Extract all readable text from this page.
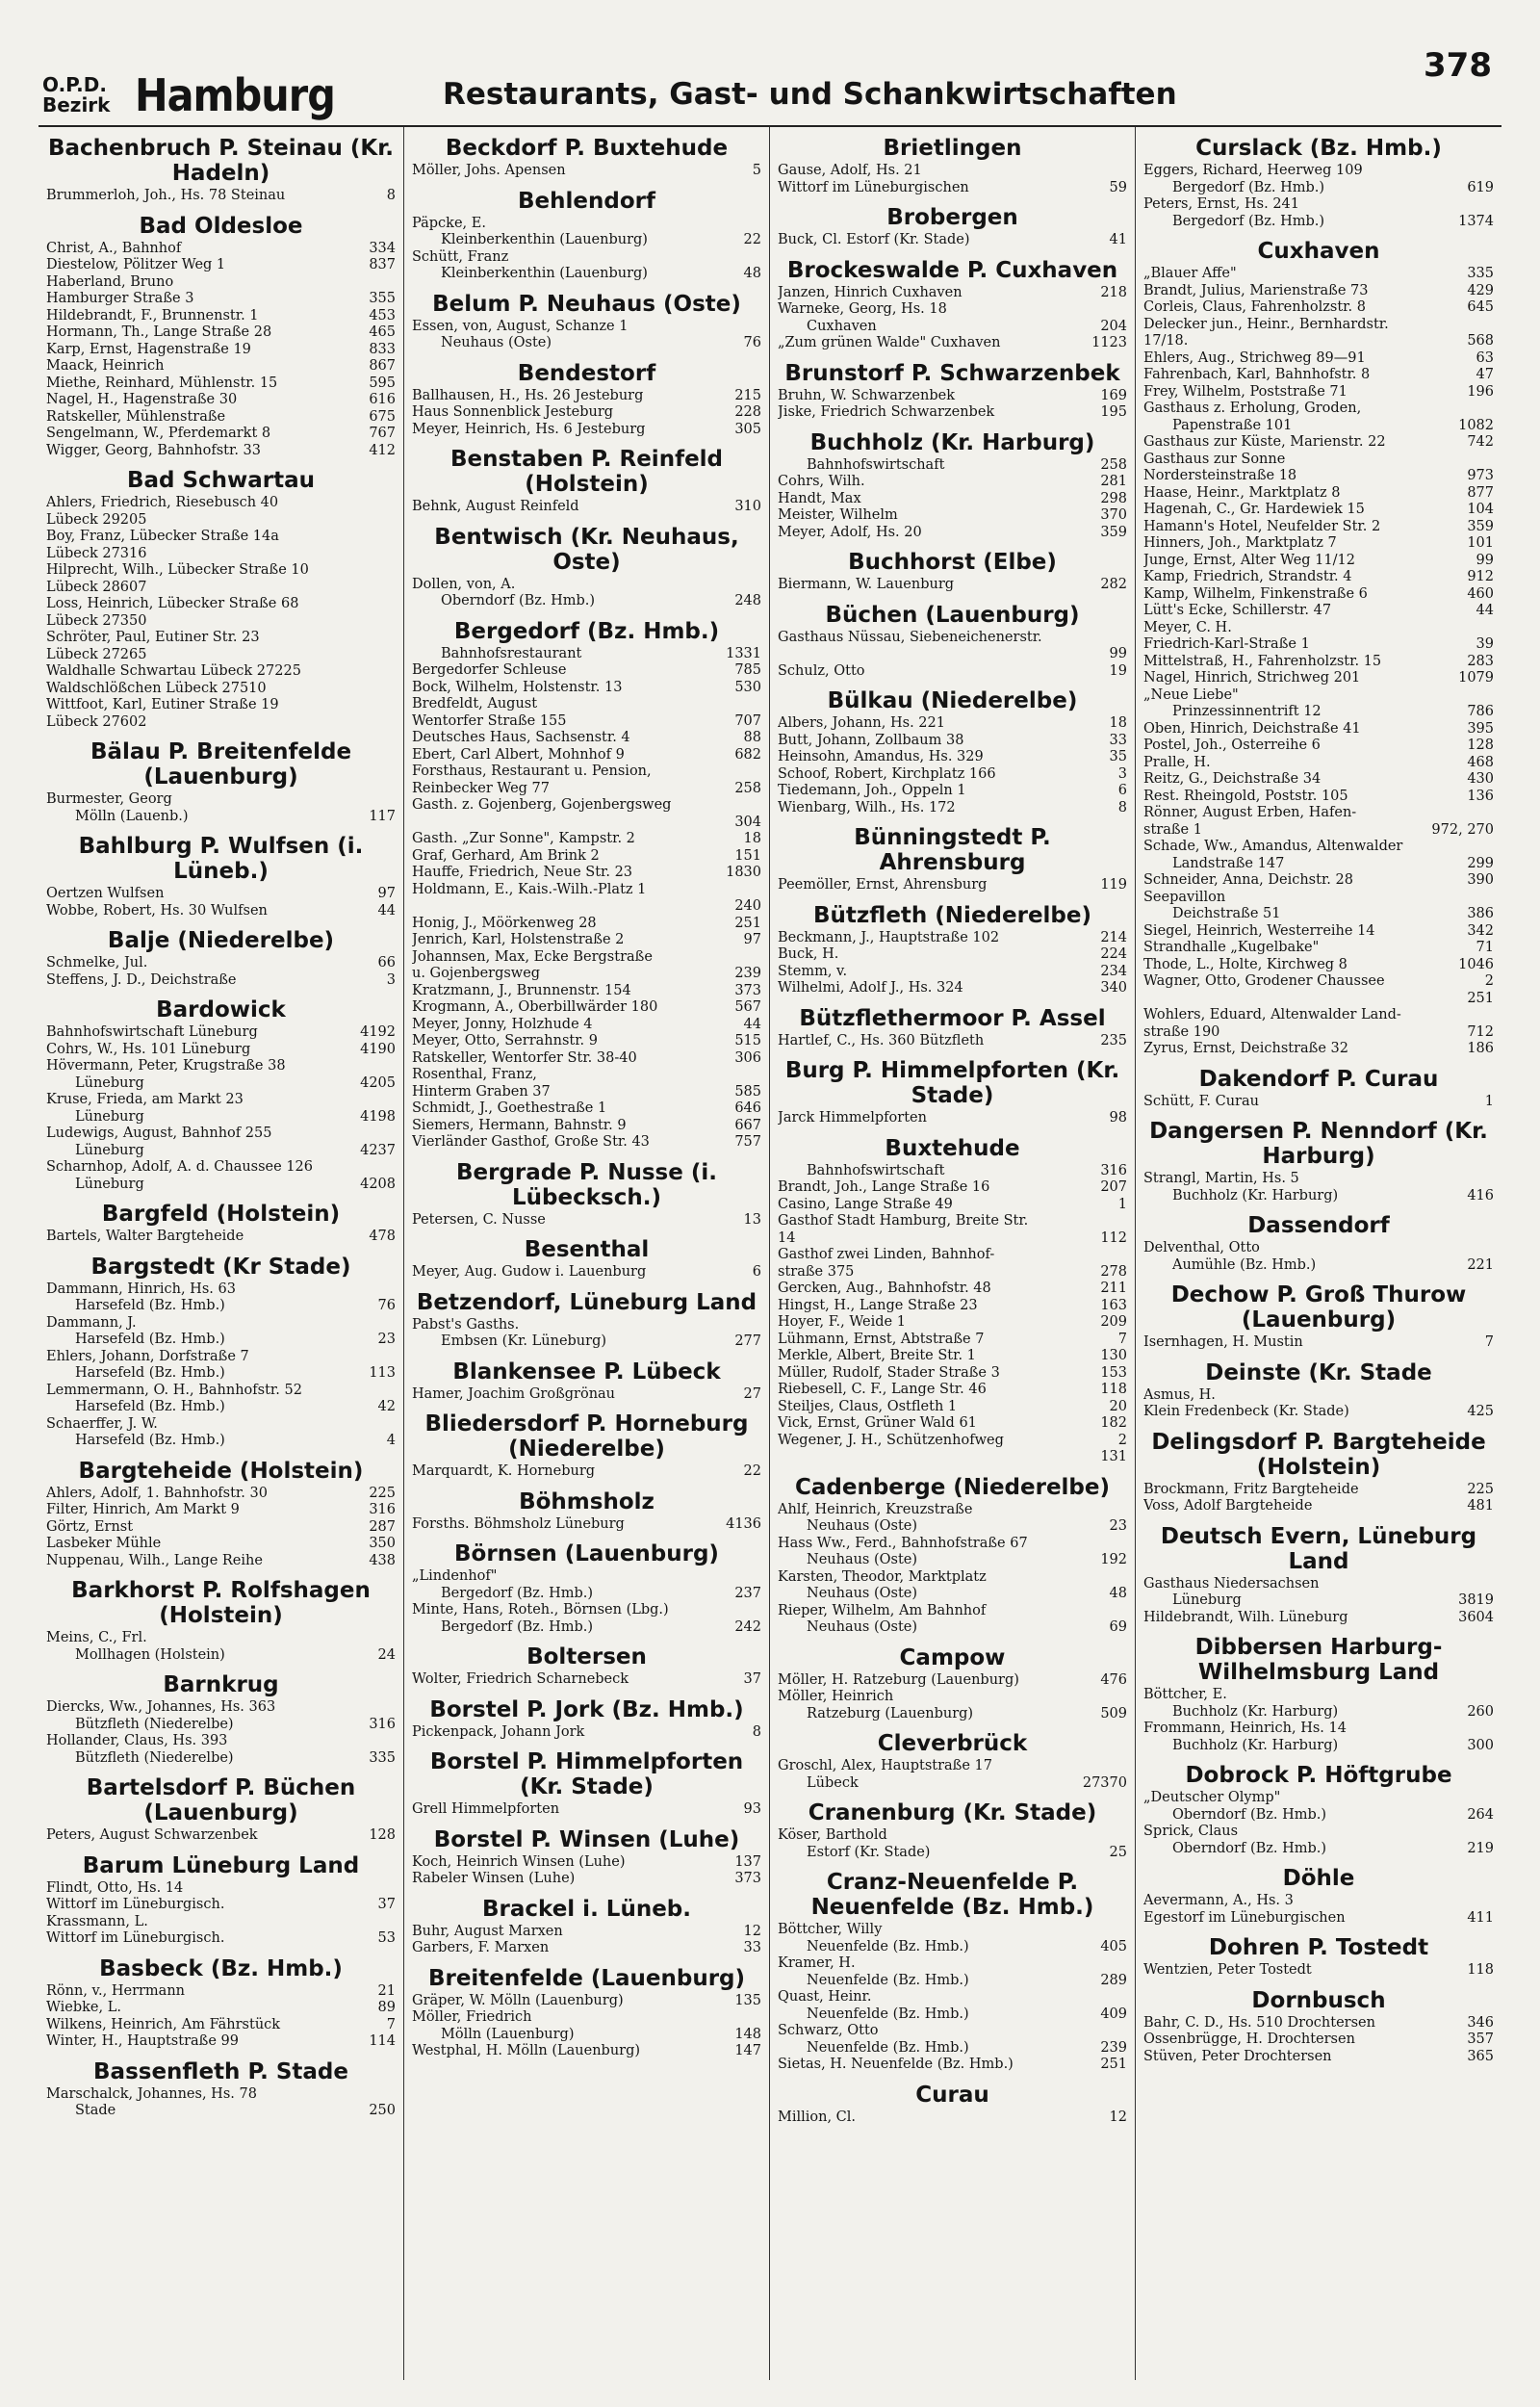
O.P.D.
Bezirk Hamburg	Restaurants, Gast- und Schankwirtschaften
378
Bachenbruch P. Steinau (Kr. Hadeln)
Brummerloh, Joh., Hs. 78 Steinau	8
Bad Oldesloe
Christ, A., Bahnhof	334
Diestelow, Pölitzer Weg 1	837
Haberland, Bruno
Hamburger Straße 3	355
Hildebrandt, F., Brunnenstr. 1	453
Hormann, Th., Lange Straße 28	465
Karp, Ernst, Hagenstraße 19	833
Maack, Heinrich	867
Miethe, Reinhard, Mühlenstr. 15	595
Nagel, H., Hagenstraße 30	616
Ratskeller, Mühlenstraße	675
Sengelmann, W., Pferdemarkt 8	767
Wigger, Georg, Bahnhofstr. 33	412
Bad Schwartau
Ahlers, Friedrich, Riesebusch 40
Lübeck 29205
Boy, Franz, Lübecker Straße 14a
Lübeck 27316
Hilprecht, Wilh., Lübecker Straße 10
Lübeck 28607
Loss, Heinrich, Lübecker Straße 68
Lübeck 27350
Schröter, Paul, Eutiner Str. 23
Lübeck 27265
Waldhalle Schwartau Lübeck 27225
Waldschlößchen Lübeck 27510
Wittfoot, Karl, Eutiner Straße 19
Lübeck 27602
Bälau P. Breitenfelde (Lauenburg)
Burmester, Georg
Mölln (Lauenb.)	117
Bahlburg P. Wulfsen (i. Lüneb.)
Oertzen Wulfsen	97
Wobbe, Robert, Hs. 30 Wulfsen	44
Balje (Niederelbe)
Schmelke, Jul.	66
Steffens, J. D., Deichstraße	3
Bardowick
Bahnhofswirtschaft Lüneburg	4192
Cohrs, W., Hs. 101 Lüneburg	4190
Hövermann, Peter, Krugstraße 38
Lüneburg	4205
Kruse, Frieda, am Markt 23
Lüneburg	4198
Ludewigs, August, Bahnhof 255
Lüneburg	4237
Scharnhop, Adolf, A. d. Chaussee 126
Lüneburg	4208
Bargfeld (Holstein)
Bartels, Walter Bargteheide	478
Bargstedt (Kr Stade)
Dammann, Hinrich, Hs. 63
Harsefeld (Bz. Hmb.)	76
Dammann, J.
Harsefeld (Bz. Hmb.)	23
Ehlers, Johann, Dorfstraße 7
Harsefeld (Bz. Hmb.)	113
Lemmermann, O. H., Bahnhofstr. 52
Harsefeld (Bz. Hmb.)	42
Schaerffer, J. W.
Harsefeld (Bz. Hmb.)	4
Bargteheide (Holstein)
Ahlers, Adolf, 1. Bahnhofstr. 30	225
Filter, Hinrich, Am Markt 9	316
Görtz, Ernst	287
Lasbeker Mühle	350
Nuppenau, Wilh., Lange Reihe	438
Barkhorst P. Rolfshagen (Holstein)
Meins, C., Frl.
Mollhagen (Holstein)	24
Barnkrug
Diercks, Ww., Johannes, Hs. 363
Bützfleth (Niederelbe)	316
Hollander, Claus, Hs. 393
Bützfleth (Niederelbe)	335
Bartelsdorf P. Büchen (Lauenburg)
Peters, August Schwarzenbek	128
Barum Lüneburg Land
Flindt, Otto, Hs. 14
Wittorf im Lüneburgisch.	37
Krassmann, L.
Wittorf im Lüneburgisch.	53
Basbeck (Bz. Hmb.)
Rönn, v., Herrmann	21
Wiebke, L.	89
Wilkens, Heinrich, Am Fährstück	7
Winter, H., Hauptstraße 99	114
Bassenfleth P. Stade
Marschalck, Johannes, Hs. 78
Stade	250
Beckdorf P. Buxtehude
Möller, Johs. Apensen	5
Behlendorf
Päpcke, E.
Kleinberkenthin (Lauenburg)	22
Schütt, Franz
Kleinberkenthin (Lauenburg)	48
Belum P. Neuhaus (Oste)
Essen, von, August, Schanze 1
Neuhaus (Oste)	76
Bendestorf
Ballhausen, H., Hs. 26 Jesteburg	215
Haus Sonnenblick Jesteburg	228
Meyer, Heinrich, Hs. 6 Jesteburg	305
Benstaben P. Reinfeld (Holstein)
Behnk, August Reinfeld	310
Bentwisch (Kr. Neuhaus, Oste)
Dollen, von, A.
Oberndorf (Bz. Hmb.)	248
Bergedorf (Bz. Hmb.)
Bahnhofsrestaurant	1331
Bergedorfer Schleuse	785
Bock, Wilhelm, Holstenstr. 13	530
Bredfeldt, August
Wentorfer Straße 155	707
Deutsches Haus, Sachsenstr. 4	88
Ebert, Carl Albert, Mohnhof 9	682
Forsthaus, Restaurant u. Pension,
Reinbecker Weg 77	258
Gasth. z. Gojenberg, Gojenbergsweg
304
Gasth. „Zur Sonne", Kampstr. 2	18
Graf, Gerhard, Am Brink 2	151
Hauffe, Friedrich, Neue Str. 23	1830
Holdmann, E., Kais.-Wilh.-Platz 1
240
Honig, J., Möörkenweg 28	251
Jenrich, Karl, Holstenstraße 2	97
Johannsen, Max, Ecke Bergstraße
u. Gojenbergsweg	239
Kratzmann, J., Brunnenstr. 154	373
Krogmann, A., Oberbillwärder 180	567
Meyer, Jonny, Holzhude 4	44
Meyer, Otto, Serrahnstr. 9	515
Ratskeller, Wentorfer Str. 38-40	306
Rosenthal, Franz,
Hinterm Graben 37	585
Schmidt, J., Goethestraße 1	646
Siemers, Hermann, Bahnstr. 9	667
Vierländer Gasthof, Große Str. 43	757
Bergrade P. Nusse (i. Lübecksch.)
Petersen, C. Nusse	13
Besenthal
Meyer, Aug. Gudow i. Lauenburg	6
Betzendorf, Lüneburg Land
Pabst's Gasths.
Embsen (Kr. Lüneburg)	277
Blankensee P. Lübeck
Hamer, Joachim Großgrönau	27
Bliedersdorf P. Horneburg (Niederelbe)
Marquardt, K. Horneburg	22
Böhmsholz
Forsths. Böhmsholz Lüneburg	4136
Börnsen (Lauenburg)
„Lindenhof"
Bergedorf (Bz. Hmb.)	237
Minte, Hans, Roteh., Börnsen (Lbg.)
Bergedorf (Bz. Hmb.)	242
Boltersen
Wolter, Friedrich Scharnebeck	37
Borstel P. Jork (Bz. Hmb.)
Pickenpack, Johann Jork	8
Borstel P. Himmelpforten (Kr. Stade)
Grell Himmelpforten	93
Borstel P. Winsen (Luhe)
Koch, Heinrich Winsen (Luhe)	137
Rabeler Winsen (Luhe)	373
Brackel i. Lüneb.
Buhr, August Marxen	12
Garbers, F. Marxen	33
Breitenfelde (Lauenburg)
Gräper, W. Mölln (Lauenburg)	135
Möller, Friedrich
Mölln (Lauenburg)	148
Westphal, H. Mölln (Lauenburg)	147
Brietlingen
Gause, Adolf, Hs. 21
Wittorf im Lüneburgischen	59
Brobergen
Buck, Cl. Estorf (Kr. Stade)	41
Brockeswalde P. Cuxhaven
Janzen, Hinrich Cuxhaven	218
Warneke, Georg, Hs. 18
Cuxhaven	204
„Zum grünen Walde" Cuxhaven	1123
Brunstorf P. Schwarzenbek
Bruhn, W. Schwarzenbek	169
Jiske, Friedrich Schwarzenbek	195
Buchholz (Kr. Harburg)
Bahnhofswirtschaft	258
Cohrs, Wilh.	281
Handt, Max	298
Meister, Wilhelm	370
Meyer, Adolf, Hs. 20	359
Buchhorst (Elbe)
Biermann, W. Lauenburg	282
Büchen (Lauenburg)
Gasthaus Nüssau, Siebeneichenerstr.
99
Schulz, Otto	19
Bülkau (Niederelbe)
Albers, Johann, Hs. 221	18
Butt, Johann, Zollbaum 38	33
Heinsohn, Amandus, Hs. 329	35
Schoof, Robert, Kirchplatz 166	3
Tiedemann, Joh., Oppeln 1	6
Wienbarg, Wilh., Hs. 172	8
Bünningstedt P. Ahrensburg
Peemöller, Ernst, Ahrensburg	119
Bützfleth (Niederelbe)
Beckmann, J., Hauptstraße 102	214
Buck, H.	224
Stemm, v.	234
Wilhelmi, Adolf J., Hs. 324	340
Bützflethermoor P. Assel
Hartlef, C., Hs. 360 Bützfleth	235
Burg P. Himmelpforten (Kr. Stade)
Jarck Himmelpforten	98
Buxtehude
Bahnhofswirtschaft	316
Brandt, Joh., Lange Straße 16	207
Casino, Lange Straße 49	1
Gasthof Stadt Hamburg, Breite Str.
14	112
Gasthof zwei Linden, Bahnhof-
straße 375	278
Gercken, Aug., Bahnhofstr. 48	211
Hingst, H., Lange Straße 23	163
Hoyer, F., Weide 1	209
Lühmann, Ernst, Abtstraße 7	7
Merkle, Albert, Breite Str. 1	130
Müller, Rudolf, Stader Straße 3	153
Riebesell, C. F., Lange Str. 46	118
Steiljes, Claus, Ostfleth 1	20
Vick, Ernst, Grüner Wald 61	182
Wegener, J. H., Schützenhofweg	2
131
Cadenberge (Niederelbe)
Ahlf, Heinrich, Kreuzstraße
Neuhaus (Oste)	23
Hass Ww., Ferd., Bahnhofstraße 67
Neuhaus (Oste)	192
Karsten, Theodor, Marktplatz
Neuhaus (Oste)	48
Rieper, Wilhelm, Am Bahnhof
Neuhaus (Oste)	69
Campow
Möller, H. Ratzeburg (Lauenburg)	476
Möller, Heinrich
Ratzeburg (Lauenburg)	509
Cleverbrück
Groschl, Alex, Hauptstraße 17
Lübeck	27370
Cranenburg (Kr. Stade)
Köser, Barthold
Estorf (Kr. Stade)	25
Cranz-Neuenfelde P. Neuenfelde (Bz. Hmb.)
Böttcher, Willy
Neuenfelde (Bz. Hmb.)	405
Kramer, H.
Neuenfelde (Bz. Hmb.)	289
Quast, Heinr.
Neuenfelde (Bz. Hmb.)	409
Schwarz, Otto
Neuenfelde (Bz. Hmb.)	239
Sietas, H. Neuenfelde (Bz. Hmb.)	251
Curau
Million, Cl.	12
Curslack (Bz. Hmb.)
Eggers, Richard, Heerweg 109
Bergedorf (Bz. Hmb.)	619
Peters, Ernst, Hs. 241
Bergedorf (Bz. Hmb.)	1374
Cuxhaven
„Blauer Affe"	335
Brandt, Julius, Marienstraße 73	429
Corleis, Claus, Fahrenholzstr. 8	645
Delecker jun., Heinr., Bernhardstr.
17/18.	568
Ehlers, Aug., Strichweg 89—91	63
Fahrenbach, Karl, Bahnhofstr. 8	47
Frey, Wilhelm, Poststraße 71	196
Gasthaus z. Erholung, Groden,
Papenstraße 101	1082
Gasthaus zur Küste, Marienstr. 22	742
Gasthaus zur Sonne
Nordersteinstraße 18	973
Haase, Heinr., Marktplatz 8	877
Hagenah, C., Gr. Hardewiek 15	104
Hamann's Hotel, Neufelder Str. 2	359
Hinners, Joh., Marktplatz 7	101
Junge, Ernst, Alter Weg 11/12	99
Kamp, Friedrich, Strandstr. 4	912
Kamp, Wilhelm, Finkenstraße 6	460
Lütt's Ecke, Schillerstr. 47	44
Meyer, C. H.
Friedrich-Karl-Straße 1	39
Mittelstraß, H., Fahrenholzstr. 15	283
Nagel, Hinrich, Strichweg 201	1079
„Neue Liebe"
Prinzessinnentrift 12	786
Oben, Hinrich, Deichstraße 41	395
Postel, Joh., Österreihe 6	128
Pralle, H.	468
Reitz, G., Deichstraße 34	430
Rest. Rheingold, Poststr. 105	136
Rönner, August Erben, Hafen-
straße 1	972, 270
Schade, Ww., Amandus, Altenwalder
Landstraße 147	299
Schneider, Anna, Deichstr. 28	390
Seepavillon
Deichstraße 51	386
Siegel, Heinrich, Westerreihe 14	342
Strandhalle „Kugelbake"	71
Thode, L., Holte, Kirchweg 8	1046
Wagner, Otto, Grodener Chaussee	2
251
Wohlers, Eduard, Altenwalder Land-
straße 190	712
Zyrus, Ernst, Deichstraße 32	186
Dakendorf P. Curau
Schütt, F. Curau	1
Dangersen P. Nenndorf (Kr. Harburg)
Strangl, Martin, Hs. 5
Buchholz (Kr. Harburg)	416
Dassendorf
Delventhal, Otto
Aumühle (Bz. Hmb.)	221
Dechow P. Groß Thurow (Lauenburg)
Isernhagen, H. Mustin	7
Deinste (Kr. Stade
Asmus, H.
Klein Fredenbeck (Kr. Stade)	425
Delingsdorf P. Bargteheide (Holstein)
Brockmann, Fritz Bargteheide	225
Voss, Adolf Bargteheide	481
Deutsch Evern, Lüneburg Land
Gasthaus Niedersachsen
Lüneburg	3819
Hildebrandt, Wilh. Lüneburg	3604
Dibbersen Harburg-Wilhelmsburg Land
Böttcher, E.
Buchholz (Kr. Harburg)	260
Frommann, Heinrich, Hs. 14
Buchholz (Kr. Harburg)	300
Dobrock P. Höftgrube
„Deutscher Olymp"
Oberndorf (Bz. Hmb.)	264
Sprick, Claus
Oberndorf (Bz. Hmb.)	219
Döhle
Aevermann, A., Hs. 3
Egestorf im Lüneburgischen	411
Dohren P. Tostedt
Wentzien, Peter Tostedt	118
Dornbusch
Bahr, C. D., Hs. 510 Drochtersen	346
Ossenbrügge, H. Drochtersen	357
Stüven, Peter Drochtersen	365
